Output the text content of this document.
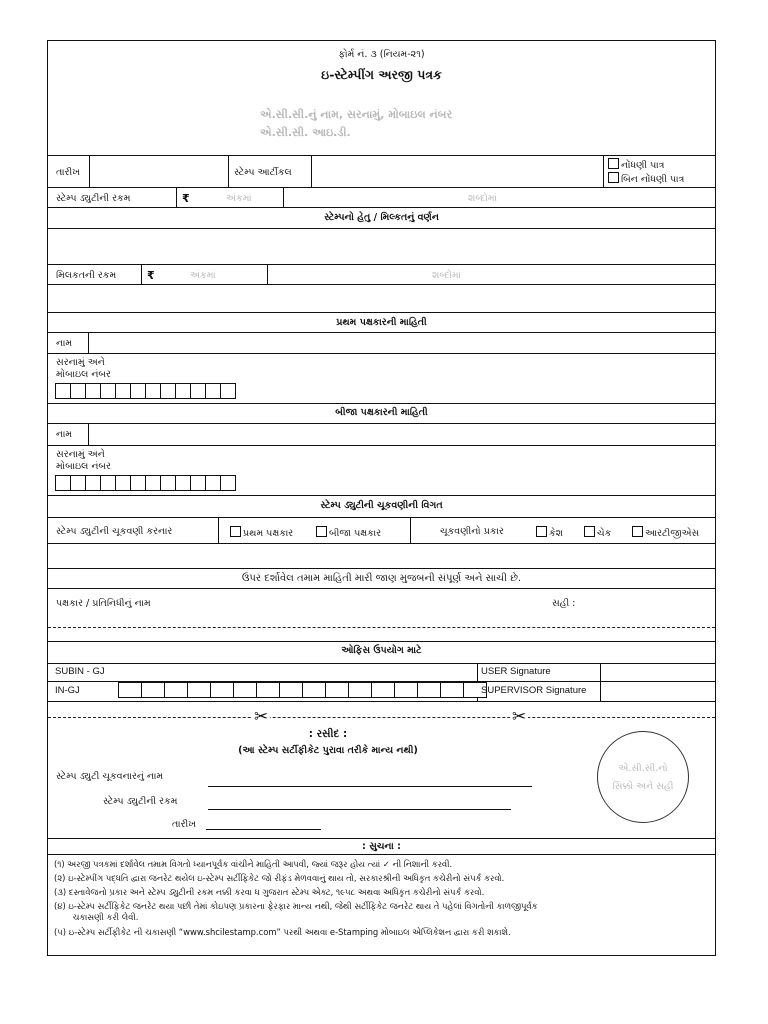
ફોર્મ નં. ૩ (નિયમ-૨૧)
ઇ-સ્ટેમ્પીંગ અરજી પત્રક
એ.સી.સી.નું નામ, સરનામું, મોબાઇલ નંબર
એ.સી.સી. આઇ.ડી.
તારીખ	સ્ટેમ્પ આર્ટીકલ
નોંધણી પાત્ર
બિન નોંધણી પાત્ર
સ્ટેમ્પ ડ્યુટીની રકમ	₹	અંકમાં	શબ્દોમાં
સ્ટેમ્પનો હેતુ / મિલ્કતનું વર્ણન
મિલકતની રકમ	₹	અંકમાં	શબ્દોમાં
પ્રથમ પક્ષકારની માહિતી
નામ
સરનામું અને
મોબાઇલ નંબર
બીજા પક્ષકારની માહિતી
નામ
સરનામું અને
મોબાઇલ નંબર
સ્ટેમ્પ ડ્યુટીની ચૂકવણીની વિગત
સ્ટેમ્પ ડ્યુટીની ચૂકવણી કરનાર	પ્રથમ પક્ષકાર	બીજા પક્ષકાર	ચૂકવણીનો પ્રકાર	કેશ	ચેક	આરટીજીએસ
ઉપર દર્શાવેલ તમામ માહિતી મારી જાણ મુજબની સંપૂર્ણ અને સાચી છે.
પક્ષકાર / પ્રતિનિધીનું નામ	સહી :
ઓફિસ ઉપયોગ માટે
SUBIN - GJ	USER Signature
IN-GJ	SUPERVISOR Signature
✂	✂
: રસીદ :
(આ સ્ટેમ્પ સર્ટીફીકેટ પુરાવા તરીકે માન્ય નથી)
સ્ટેમ્પ ડ્યુટી ચૂકવનારનું નામ
સ્ટેમ્પ ડ્યુટીની રકમ
તારીખ
એ.સી.સી.નો
સિક્કો અને સહી
: સુચના :
(૧) અરજી પત્રકમાં દર્શાવેલ તમામ વિગતો ધ્યાનપૂર્વક વાંચીને માહિતી આપવી, જ્યાં જરૂર હોય ત્યાં ✓ ની નિશાની કરવી.
(૨) ઇ-સ્ટેમ્પીંગ પદ્ધતિ દ્વારા જનરેટ થયેલ ઇ-સ્ટેમ્પ સર્ટીફિકેટ જો રીફંડ મેળવવાનું થાય તો, સરકારશ્રીની અધિકૃત કચેરીનો સંપર્ક કરવો.
(૩) દસ્તાવેજનો પ્રકાર અને સ્ટેમ્પ ડ્યુટીની રકમ નક્કી કરવા ધ ગુજરાત સ્ટેમ્પ એક્ટ, ૧૯૫૮ અથવા અધિકૃત કચેરીનો સંપર્ક કરવો.
(૪) ઇ-સ્ટેમ્પ સર્ટીફિકેટ જનરેટ થયા પછી તેમાં કોઇપણ પ્રકારના ફેરફાર માન્ય નથી, જેથી સર્ટીફિકેટ જનરેટ થાય તે પહેલાં વિગતોની કાળજીપૂર્વક
ચકાસણી કરી લેવી.
(૫) ઇ-સ્ટેમ્પ સર્ટીફીકેટ ની ચકાસણી “www.shcilestamp.com” પરથી અથવા e-Stamping મોબાઇલ એપ્લિકેશન દ્વારા કરી શકાશે.
